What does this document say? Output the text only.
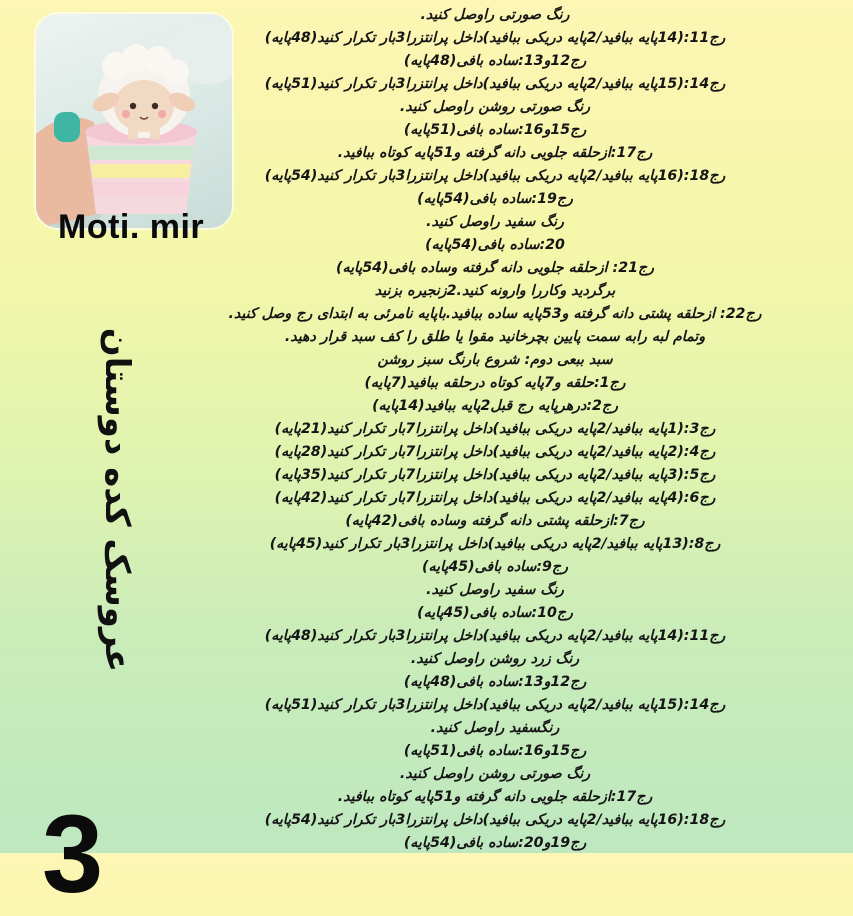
Moti. mir
عروسک کده دوستان
3
رنگ صورتی راوصل کنید.
رج11:(14پایه ببافید/2پایه دریکی ببافید)داخل پرانتزرا3بار تکرار کنید(48پایه)
رج12و13:ساده بافی(48پایه)
رج14:(15پایه ببافید/2پایه دریکی ببافید)داخل پرانتزرا3بار تکرار کنید(51پایه)
رنگ صورتی روشن راوصل کنید.
رج15و16:ساده بافی(51پایه)
رج17:ازحلقه جلویی دانه گرفته و51پایه کوتاه ببافید.
رج18:(16پایه ببافید/2پایه دریکی ببافید)داخل پرانتزرا3بار تکرار کنید(54پایه)
رج19:ساده بافی(54پایه)
رنگ سفید راوصل کنید.
20:ساده بافی(54پایه)
رج21: ازحلقه جلویی دانه گرفته وساده بافی(54پایه)
برگردید وکاررا وارونه کنید.2زنجیره بزنید
رج22: ازحلقه پشتی دانه گرفته و53پایه ساده ببافید.باپایه نامرئی به ابتدای رج وصل کنید.
وتمام لبه رابه سمت پایین بچرخانید مقوا یا طلق را کف سبد قرار دهید.
سبد ببعی دوم: شروع بارنگ سبز روشن
رج1:حلقه و7پایه کوتاه درحلقه ببافید(7پایه)
رج2:درهرپایه رج قبل2پایه ببافید(14پایه)
رج3:(1پایه ببافید/2پایه دریکی ببافید)داخل پرانتزرا7بار تکرار کنید(21پایه)
رج4:(2پایه ببافید/2پایه دریکی ببافید)داخل پرانتزرا7بار تکرار کنید(28پایه)
رج5:(3پایه ببافید/2پایه دریکی ببافید)داخل پرانتزرا7بار تکرار کنید(35پایه)
رج6:(4پایه ببافید/2پایه دریکی ببافید)داخل پرانتزرا7بار تکرار کنید(42پایه)
رج7:ازحلقه پشتی دانه گرفته وساده بافی(42پایه)
رج8:(13پایه ببافید/2پایه دریکی ببافید)داخل پرانتزرا3بار تکرار کنید(45پایه)
رج9:ساده بافی(45پایه)
رنگ سفید راوصل کنید.
رج10:ساده بافی(45پایه)
رج11:(14پایه ببافید/2پایه دریکی ببافید)داخل پرانتزرا3بار تکرار کنید(48پایه)
رنگ زرد روشن راوصل کنید.
رج12و13:ساده بافی(48پایه)
رج14:(15پایه ببافید/2پایه دریکی ببافید)داخل پرانتزرا3بار تکرار کنید(51پایه)
رنگسفید راوصل کنید.
رج15و16:ساده بافی(51پایه)
رنگ صورتی روشن راوصل کنید.
رج17:ازحلقه جلویی دانه گرفته و51پایه کوتاه ببافید.
رج18:(16پایه ببافید/2پایه دریکی ببافید)داخل پرانتزرا3بار تکرار کنید(54پایه)
رج19و20:ساده بافی(54پایه)
